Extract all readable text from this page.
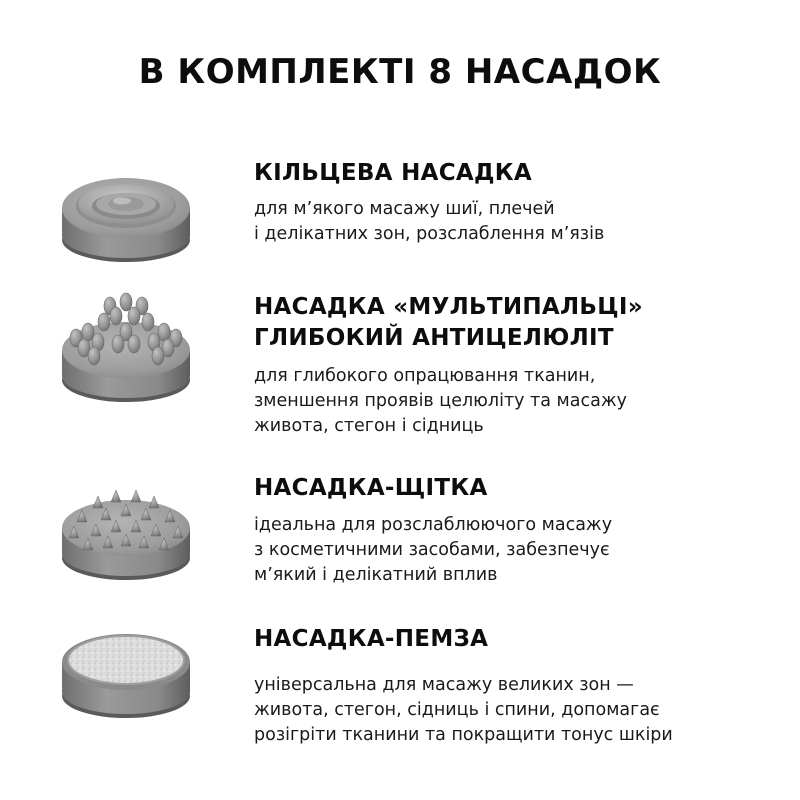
В КОМПЛЕКТІ 8 НАСАДОК
КІЛЬЦЕВА НАСАДКА
для м’якого масажу шиї, плечей
і делікатних зон, розслаблення м’язів
НАСАДКА «МУЛЬТИПАЛЬЦІ»
ГЛИБОКИЙ АНТИЦЕЛЮЛІТ
для глибокого опрацювання тканин,
зменшення проявів целюліту та масажу
живота, стегон і сідниць
НАСАДКА-ЩІТКА
ідеальна для розслаблюючого масажу
з косметичними засобами, забезпечує
м’який і делікатний вплив
НАСАДКА-ПЕМЗА
універсальна для масажу великих зон —
живота, стегон, сідниць і спини, допомагає
розігріти тканини та покращити тонус шкіри
